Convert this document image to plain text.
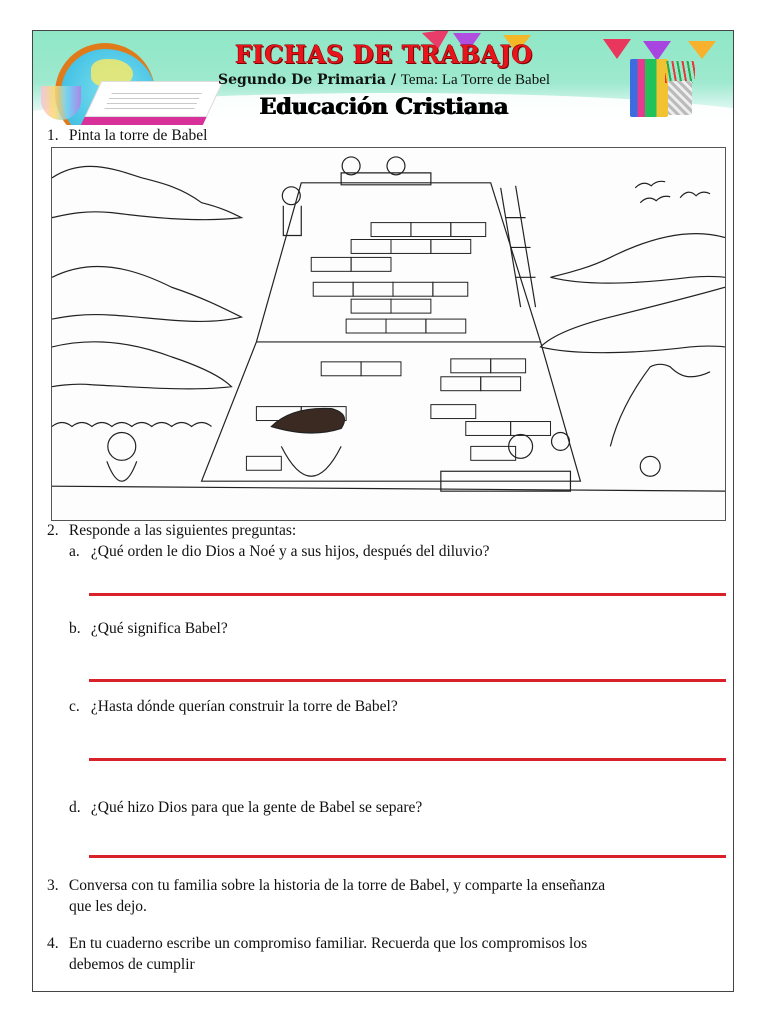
FICHAS DE TRABAJO
Segundo De Primaria / Tema: La Torre de Babel
Educación Cristiana
1. Pinta la torre de Babel
2. Responde a las siguientes preguntas:
a. ¿Qué orden le dio Dios a Noé y a sus hijos, después del diluvio?
b. ¿Qué significa Babel?
c. ¿Hasta dónde querían construir la torre de Babel?
d. ¿Qué hizo Dios para que la gente de Babel se separe?
3. Conversa con tu familia sobre la historia de la torre de Babel, y comparte la enseñanza
que les dejo.
4. En tu cuaderno escribe un compromiso familiar. Recuerda que los compromisos los
debemos de cumplir
